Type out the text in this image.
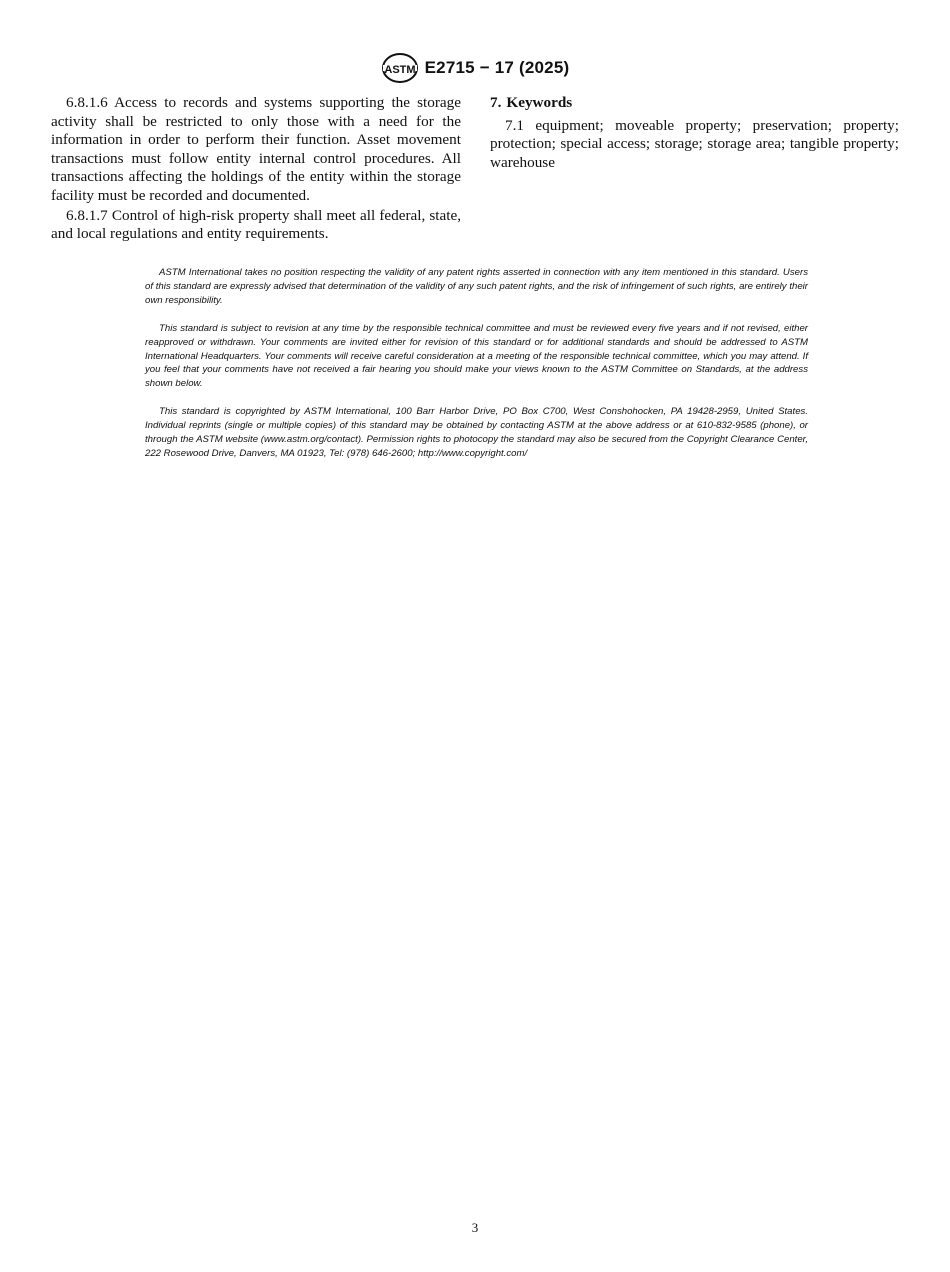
ASTM E2715 − 17 (2025)

6.8.1.6 Access to records and systems supporting the storage activity shall be restricted to only those with a need for the information in order to perform their function. Asset movement transactions must follow entity internal control procedures. All transactions affecting the holdings of the entity within the storage facility must be recorded and documented.

6.8.1.7 Control of high-risk property shall meet all federal, state, and local regulations and entity requirements.

7. Keywords

7.1 equipment; moveable property; preservation; property; protection; special access; storage; storage area; tangible property; warehouse

ASTM International takes no position respecting the validity of any patent rights asserted in connection with any item mentioned in this standard. Users of this standard are expressly advised that determination of the validity of any such patent rights, and the risk of infringement of such rights, are entirely their own responsibility.

This standard is subject to revision at any time by the responsible technical committee and must be reviewed every five years and if not revised, either reapproved or withdrawn. Your comments are invited either for revision of this standard or for additional standards and should be addressed to ASTM International Headquarters. Your comments will receive careful consideration at a meeting of the responsible technical committee, which you may attend. If you feel that your comments have not received a fair hearing you should make your views known to the ASTM Committee on Standards, at the address shown below.

This standard is copyrighted by ASTM International, 100 Barr Harbor Drive, PO Box C700, West Conshohocken, PA 19428-2959, United States. Individual reprints (single or multiple copies) of this standard may be obtained by contacting ASTM at the above address or at 610-832-9585 (phone), or through the ASTM website (www.astm.org/contact). Permission rights to photocopy the standard may also be secured from the Copyright Clearance Center, 222 Rosewood Drive, Danvers, MA 01923, Tel: (978) 646-2600; http://www.copyright.com/

3
